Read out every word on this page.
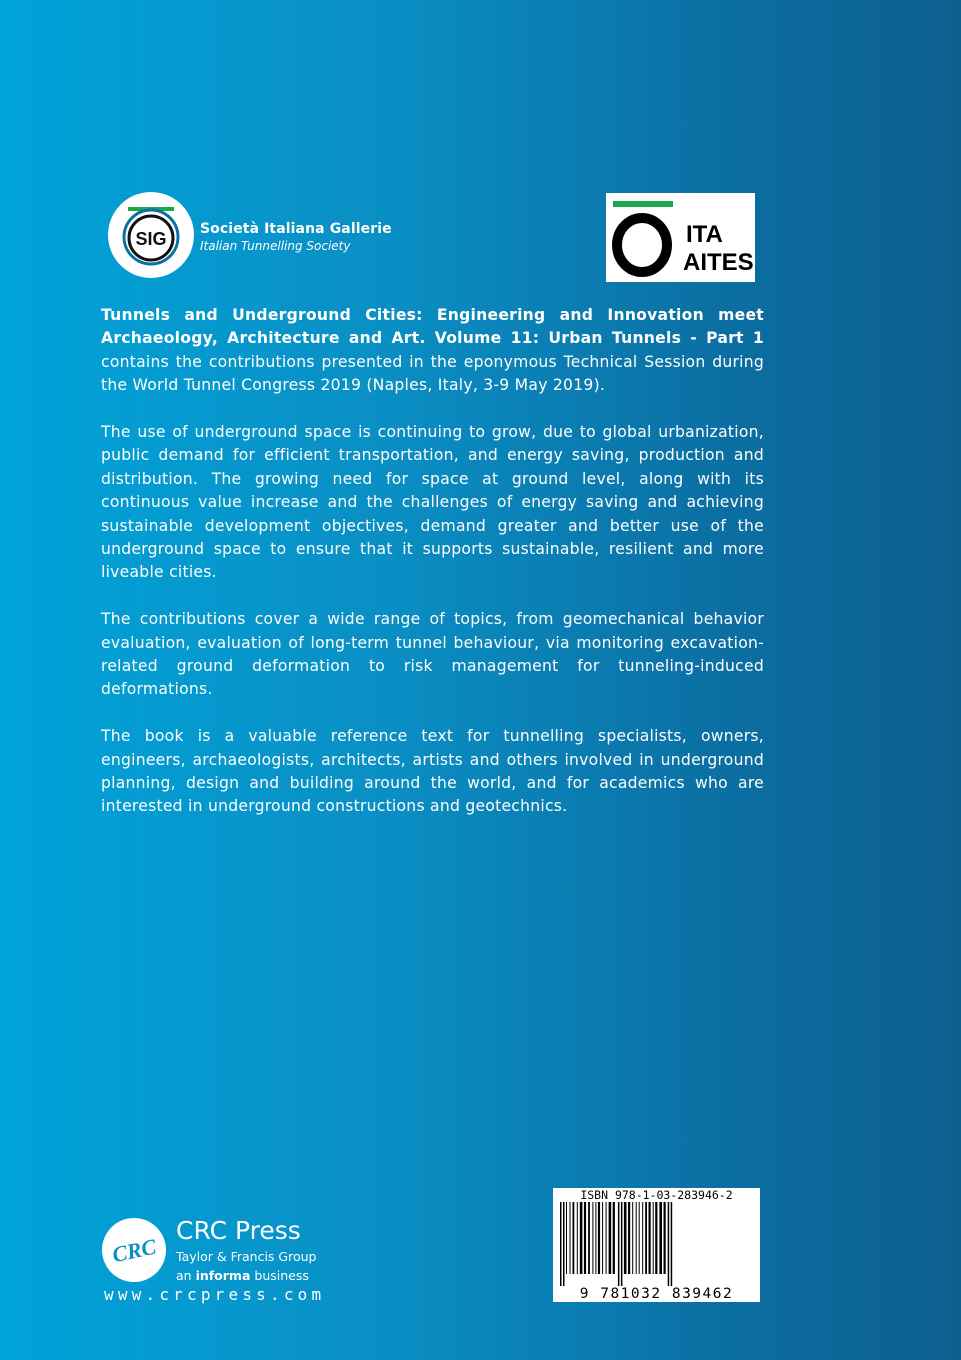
SIG Società Italiana Gallerie
Italian Tunnelling Society	ITA
AITES

Tunnels and Underground Cities: Engineering and Innovation meet Archaeology, Architecture and Art. Volume 11: Urban Tunnels - Part 1 contains the contributions presented in the eponymous Technical Session during the World Tunnel Congress 2019 (Naples, Italy, 3-9 May 2019).

The use of underground space is continuing to grow, due to global urbanization, public demand for efficient transportation, and energy saving, production and distribution. The growing need for space at ground level, along with its continuous value increase and the challenges of energy saving and achieving sustainable development objectives, demand greater and better use of the underground space to ensure that it supports sustainable, resilient and more liveable cities.

The contributions cover a wide range of topics, from geomechanical behavior evaluation, evaluation of long-term tunnel behaviour, via monitoring excavation-related ground deformation to risk management for tunneling-induced deformations.

The book is a valuable reference text for tunnelling specialists, owners, engineers, archaeologists, architects, artists and others involved in underground planning, design and building around the world, and for academics who are interested in underground constructions and geotechnics.

CRC
CRC Press
Taylor & Francis Group
an informa business
www.crcpress.com
ISBN 978-1-03-283946-2
9 781032 839462
